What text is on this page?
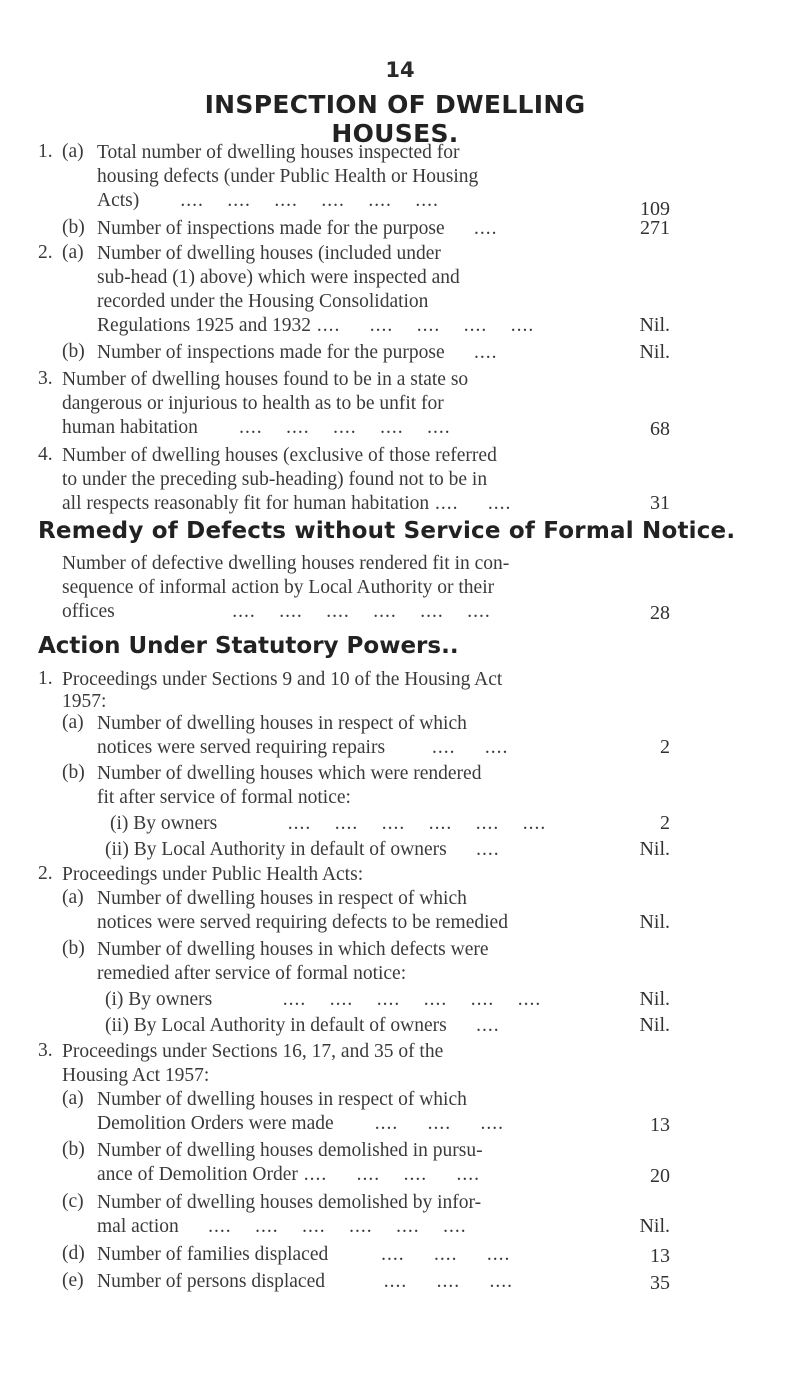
14
INSPECTION OF DWELLING HOUSES.
1. (a) Total number of dwelling houses inspected for
housing defects (under Public Health or Housing
Acts)       ....    ....    ....    ....    ....    ....	109
(b) Number of inspections made for the purpose     ....	271
2. (a) Number of dwelling houses (included under
sub-head (1) above) which were inspected and
recorded under the Housing Consolidation
Regulations 1925 and 1932 ....     ....    ....    ....    ....	Nil.
(b) Number of inspections made for the purpose     ....	Nil.
3. Number of dwelling houses found to be in a state so
dangerous or injurious to health as to be unfit for
human habitation       ....    ....    ....    ....    ....	68
4. Number of dwelling houses (exclusive of those referred
to under the preceding sub-heading) found not to be in
all respects reasonably fit for human habitation ....     ....	31
Remedy of Defects without Service of Formal Notice.
Number of defective dwelling houses rendered fit in con-
sequence of informal action by Local Authority or their
offices                    ....    ....    ....    ....    ....    ....	28
Action Under Statutory Powers..
1. Proceedings under Sections 9 and 10 of the Housing Act
1957:
(a) Number of dwelling houses in respect of which
notices were served requiring repairs        ....     ....	2
(b) Number of dwelling houses which were rendered
fit after service of formal notice:
(i) By owners            ....    ....    ....    ....    ....    ....	2
(ii) By Local Authority in default of owners     ....	Nil.
2. Proceedings under Public Health Acts:
(a) Number of dwelling houses in respect of which
notices were served requiring defects to be remedied	Nil.
(b) Number of dwelling houses in which defects were
remedied after service of formal notice:
(i) By owners            ....    ....    ....    ....    ....    ....	Nil.
(ii) By Local Authority in default of owners     ....	Nil.
3. Proceedings under Sections 16, 17, and 35 of the
Housing Act 1957:
(a) Number of dwelling houses in respect of which
Demolition Orders were made       ....     ....     ....	13
(b) Number of dwelling houses demolished in pursu-
ance of Demolition Order ....     ....    ....     ....	20
(c) Number of dwelling houses demolished by infor-
mal action     ....    ....    ....    ....    ....    ....	Nil.
(d) Number of families displaced         ....     ....     ....	13
(e) Number of persons displaced          ....     ....     ....	35
